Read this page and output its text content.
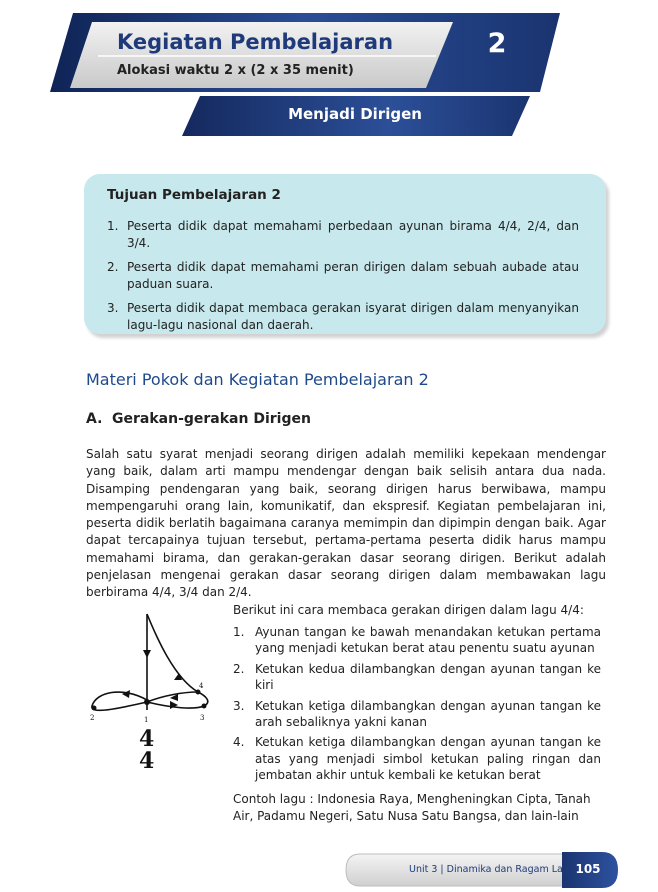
Kegiatan Pembelajaran
Alokasi waktu 2 x (2 x 35 menit)
2
Menjadi Dirigen
Tujuan Pembelajaran 2
1. Peserta didik dapat memahami perbedaan ayunan birama 4/4, 2/4, dan 3/4.
2. Peserta didik dapat memahami peran dirigen dalam sebuah aubade atau paduan suara.
3. Peserta didik dapat membaca gerakan isyarat dirigen dalam menyanyikan lagu-lagu nasional dan daerah.
Materi Pokok dan Kegiatan Pembelajaran 2
A. Gerakan-gerakan Dirigen

Salah satu syarat menjadi seorang dirigen adalah memiliki kepekaan mendengar yang baik, dalam arti mampu mendengar dengan baik selisih antara dua nada. Disamping pendengaran yang baik, seorang dirigen harus berwibawa, mampu mempengaruhi orang lain, komunikatif, dan ekspresif. Kegiatan pembelajaran ini, peserta didik berlatih bagaimana caranya memimpin dan dipimpin dengan baik. Agar dapat tercapainya tujuan tersebut, pertama-pertama peserta didik harus mampu memahami birama, dan gerakan-gerakan dasar seorang dirigen. Berikut adalah penjelasan mengenai gerakan dasar seorang dirigen dalam membawakan lagu berbirama 4/4, 3/4 dan 2/4.

1
2	3
4
4
4
Berikut ini cara membaca gerakan dirigen dalam lagu 4/4:
1. Ayunan tangan ke bawah menandakan ketukan pertama yang menjadi ketukan berat atau penentu suatu ayunan
2. Ketukan kedua dilambangkan dengan ayunan tangan ke kiri
3. Ketukan ketiga dilambangkan dengan ayunan tangan ke arah sebaliknya yakni kanan
4. Ketukan ketiga dilambangkan dengan ayunan tangan ke atas yang menjadi simbol ketukan paling ringan dan jembatan akhir untuk kembali ke ketukan berat

Contoh lagu : Indonesia Raya, Mengheningkan Cipta, Tanah Air, Padamu Negeri, Satu Nusa Satu Bangsa, dan lain-lain

Unit 3 | Dinamika dan Ragam Lagu 105
